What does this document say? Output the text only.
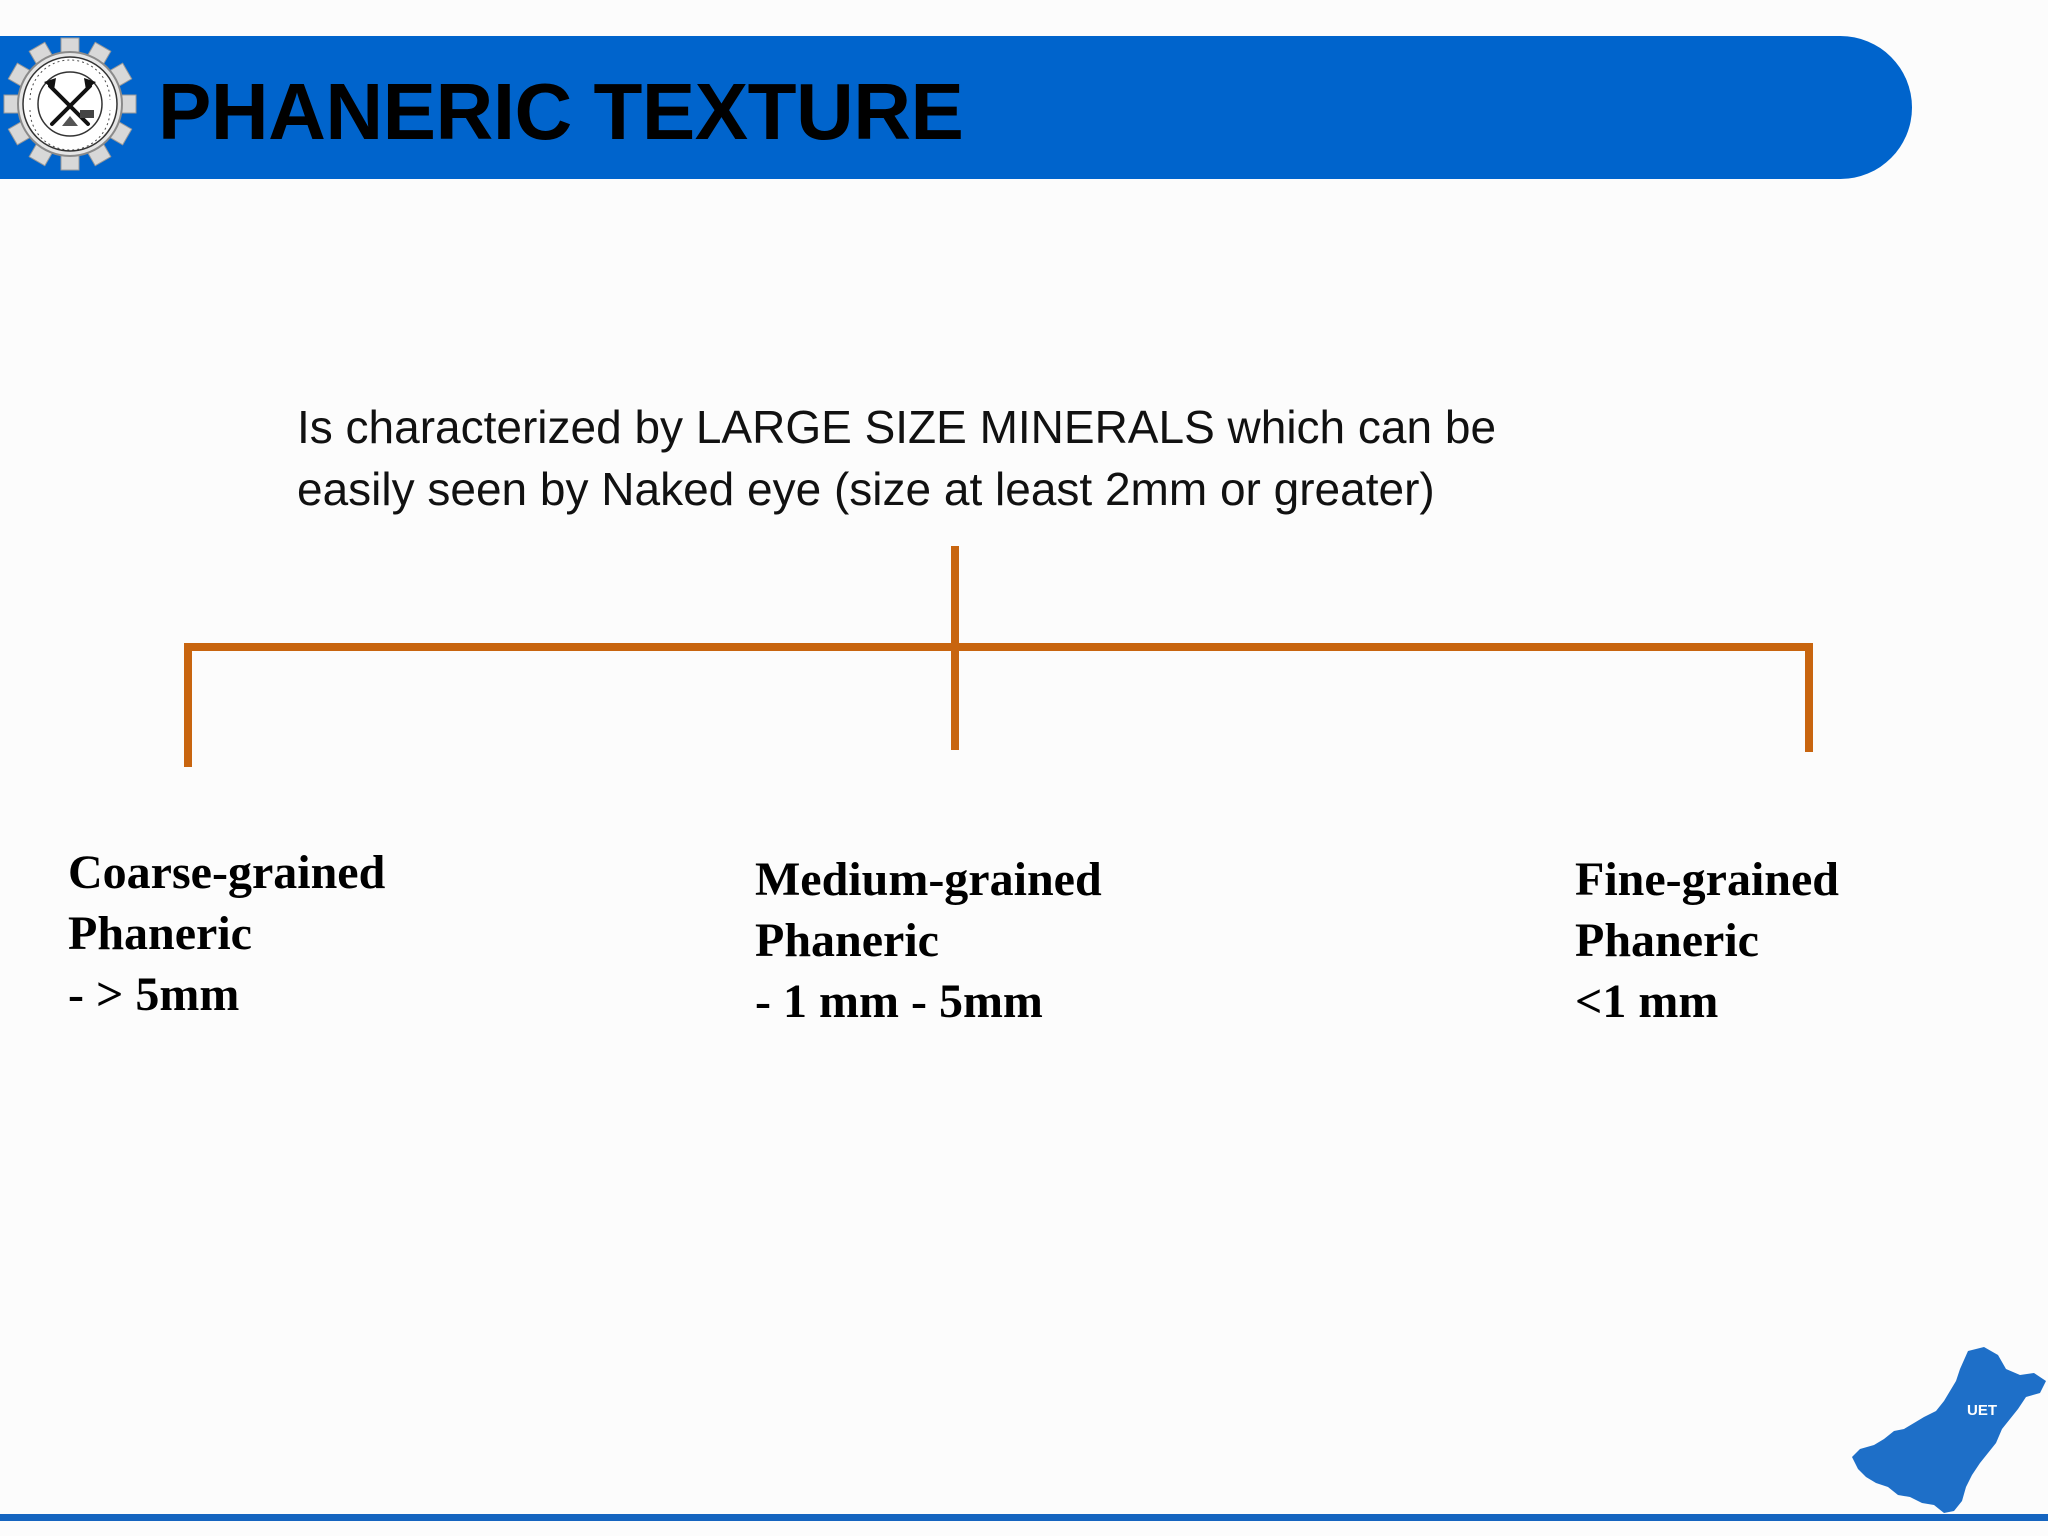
PHANERIC TEXTURE
Is characterized by LARGE SIZE MINERALS which can be
easily seen by Naked eye (size at least 2mm or greater)
Coarse-grained
Phaneric
- > 5mm
Medium-grained
Phaneric
- 1 mm - 5mm
Fine-grained
Phaneric
<1 mm
UET
